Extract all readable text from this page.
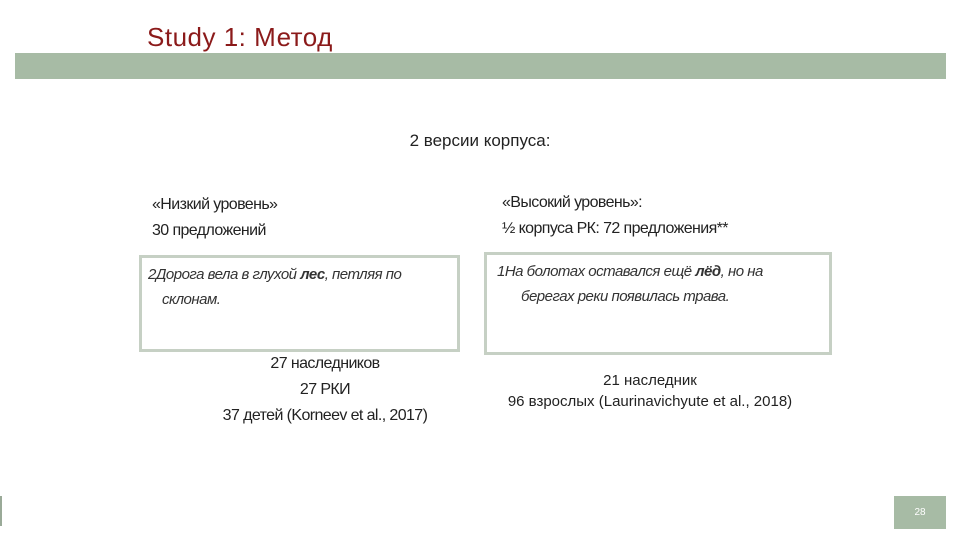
Study 1: Метод
2 версии корпуса:
«Низкий уровень»
30 предложений
«Высокий уровень»:
½ корпуса РК: 72 предложения**
2Дорога вела в глухой лес, петляя по
склонам.
1На болотах оставался ещё лёд, но на
берегах реки появилась трава.
27 наследников
27 РКИ
37 детей (Korneev et al., 2017)
21 наследник
96 взрослых (Laurinavichyute et al., 2018)
28
